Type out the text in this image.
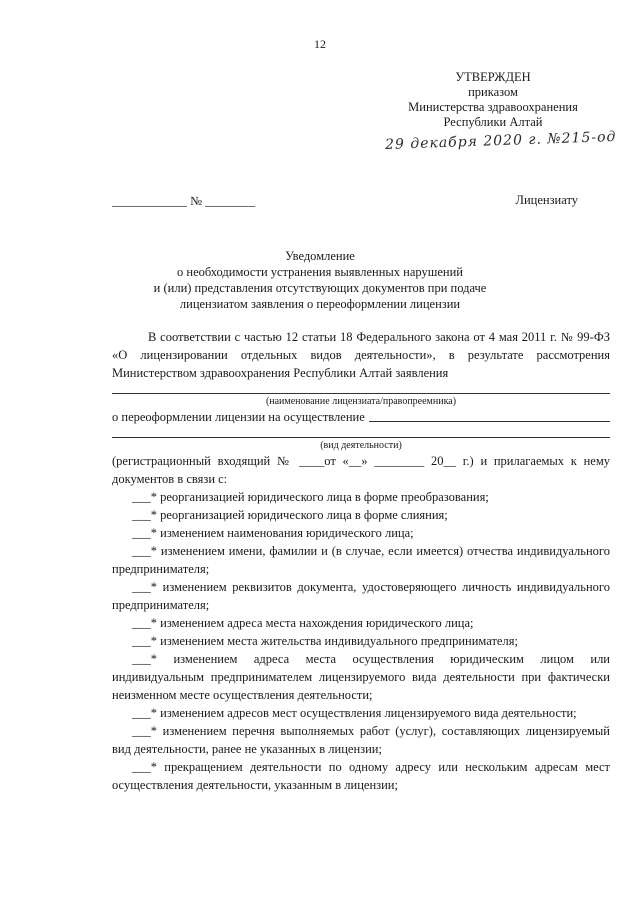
12
УТВЕРЖДЕН
приказом
Министерства здравоохранения
Республики Алтай
29 декабря 2020 г. №215-од
____________ № ________	Лицензиату
Уведомление
о необходимости устранения выявленных нарушений
и (или) представления отсутствующих документов при подаче
лицензиатом заявления о переоформлении лицензии

В соответствии с частью 12 статьи 18 Федерального закона от 4 мая 2011 г. № 99-ФЗ «О лицензировании отдельных видов деятельности», в результате рассмотрения Министерством здравоохранения Республики Алтай заявления

(наименование лицензиата/правопреемника)
о переоформлении лицензии на осуществление
(вид деятельности)

(регистрационный входящий № ____от «__» ________ 20__ г.) и прилагаемых к нему документов в связи с:

___* реорганизацией юридического лица в форме преобразования;

___* реорганизацией юридического лица в форме слияния;

___* изменением наименования юридического лица;

___* изменением имени, фамилии и (в случае, если имеется) отчества индивидуального предпринимателя;

___* изменением реквизитов документа, удостоверяющего личность индивидуального предпринимателя;

___* изменением адреса места нахождения юридического лица;

___* изменением места жительства индивидуального предпринимателя;

___* изменением адреса места осуществления юридическим лицом или индивидуальным предпринимателем лицензируемого вида деятельности при фактически неизменном месте осуществления деятельности;

___* изменением адресов мест осуществления лицензируемого вида деятельности;

___* изменением перечня выполняемых работ (услуг), составляющих лицензируемый вид деятельности, ранее не указанных в лицензии;

___* прекращением деятельности по одному адресу или нескольким адресам мест осуществления деятельности, указанным в лицензии;
